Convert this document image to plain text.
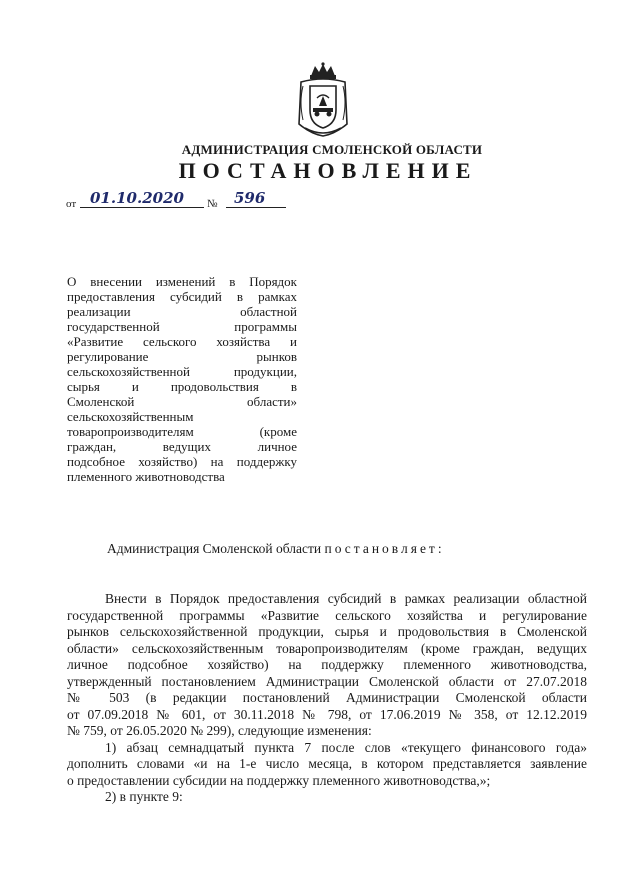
АДМИНИСТРАЦИЯ СМОЛЕНСКОЙ ОБЛАСТИ
ПОСТАНОВЛЕНИЕ
от 01.10.2020 № 596
О внесении изменений в Порядок
предоставления субсидий в рамках
реализации областной
государственной программы
«Развитие сельского хозяйства и
регулирование рынков
сельскохозяйственной продукции,
сырья и продовольствия в
Смоленской области»
сельскохозяйственным
товаропроизводителям (кроме
граждан, ведущих личное
подсобное хозяйство) на поддержку
племенного животноводства
Администрация Смоленской области постановляет:
Внести в Порядок предоставления субсидий в рамках реализации областной
государственной программы «Развитие сельского хозяйства и регулирование
рынков сельскохозяйственной продукции, сырья и продовольствия в Смоленской
области» сельскохозяйственным товаропроизводителям (кроме граждан, ведущих
личное подсобное хозяйство) на поддержку племенного животноводства,
утвержденный постановлением Администрации Смоленской области от 27.07.2018
№ 503 (в редакции постановлений Администрации Смоленской области
от 07.09.2018 № 601, от 30.11.2018 № 798, от 17.06.2019 № 358, от 12.12.2019
№ 759, от 26.05.2020 № 299), следующие изменения:
1) абзац семнадцатый пункта 7 после слов «текущего финансового года»
дополнить словами «и на 1-е число месяца, в котором представляется заявление
о предоставлении субсидии на поддержку племенного животноводства,»;
2) в пункте 9:
